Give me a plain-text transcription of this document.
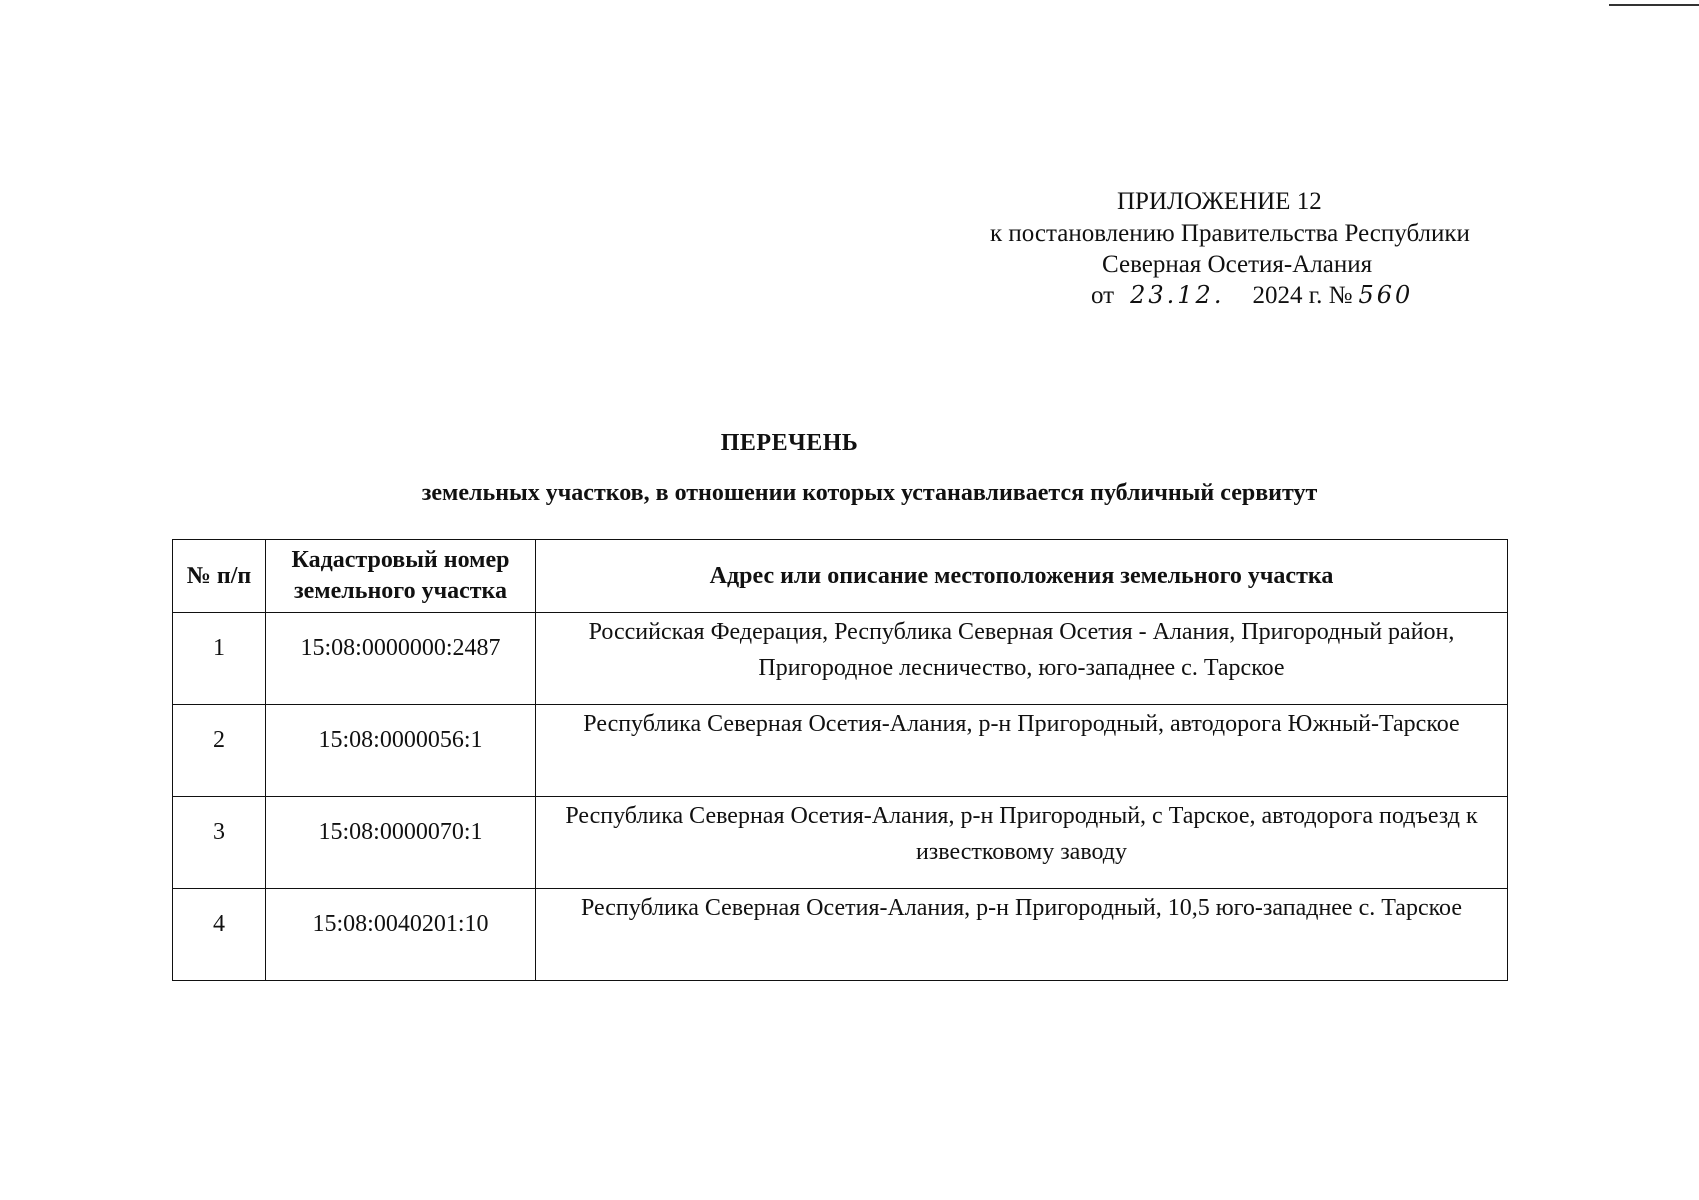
ПРИЛОЖЕНИЕ 12
к постановлению Правительства Республики
Северная Осетия-Алания
от 23.12. 2024 г. № 560
ПЕРЕЧЕНЬ
земельных участков, в отношении которых устанавливается публичный сервитут
№ п/п	Кадастровый номер земельного участка	Адрес или описание местоположения земельного участка
1	15:08:0000000:2487	Российская Федерация, Республика Северная Осетия - Алания, Пригородный район, Пригородное лесничество, юго-западнее с. Тарское
2	15:08:0000056:1	Республика Северная Осетия-Алания, р-н Пригородный, автодорога Южный-Тарское
3	15:08:0000070:1	Республика Северная Осетия-Алания, р-н Пригородный, с Тарское, автодорога подъезд к известковому заводу
4	15:08:0040201:10	Республика Северная Осетия-Алания, р-н Пригородный, 10,5 юго-западнее с. Тарское
